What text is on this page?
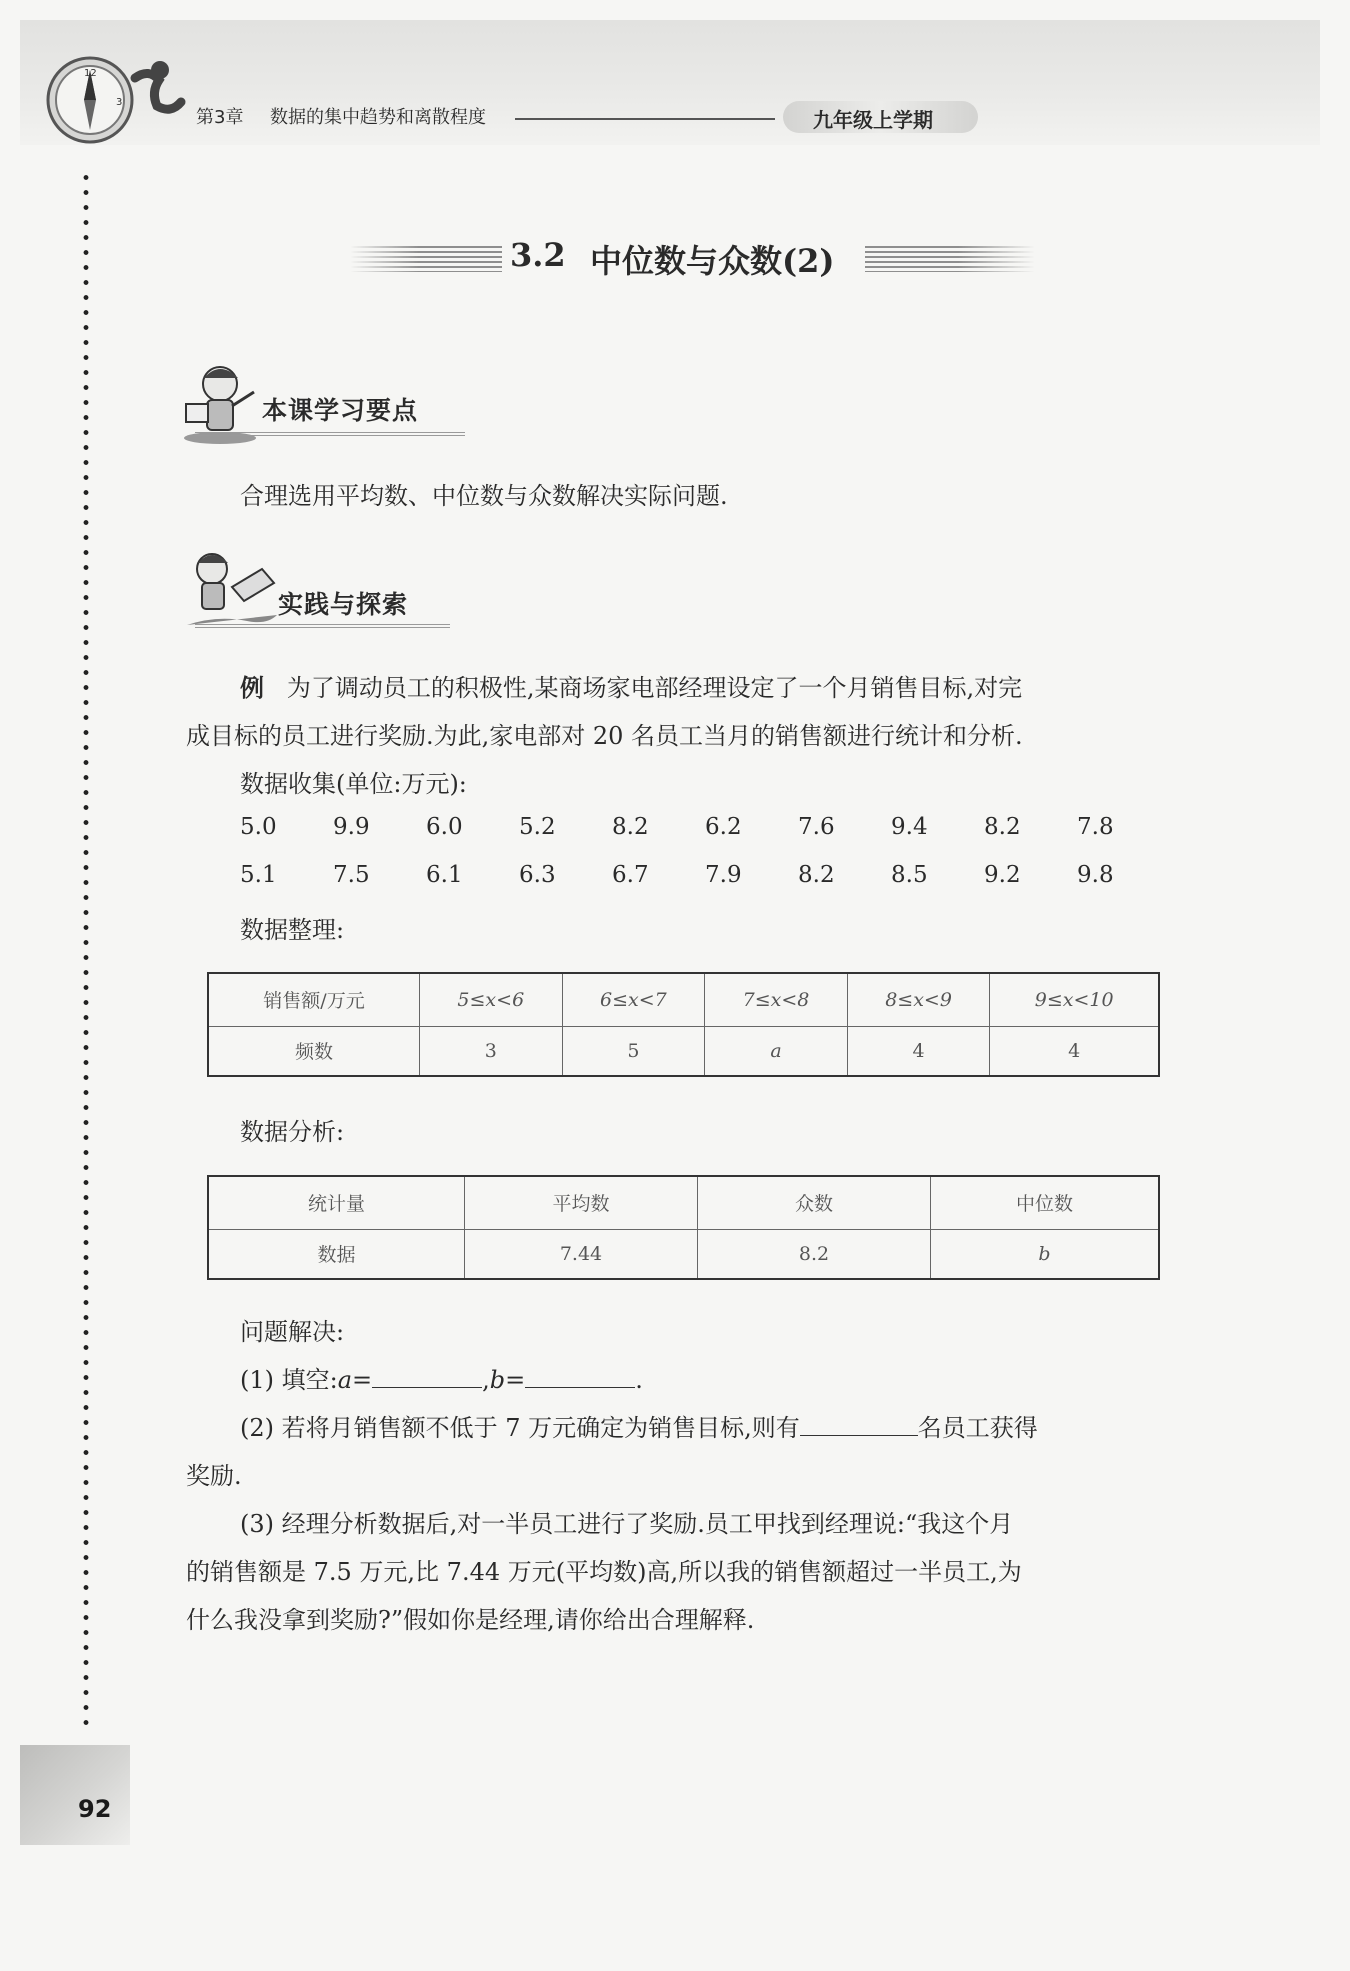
12
3
第3章 数据的集中趋势和离散程度	九年级上学期
92
3.2 中位数与众数(2)
本课学习要点
合理选用平均数、中位数与众数解决实际问题.
实践与探索
例 为了调动员工的积极性,某商场家电部经理设定了一个月销售目标,对完
成目标的员工进行奖励.为此,家电部对 20 名员工当月的销售额进行统计和分析.
数据收集(单位:万元):
5.0	9.9	6.0	5.2	8.2	6.2	7.6	9.4	8.2	7.8
5.1	7.5	6.1	6.3	6.7	7.9	8.2	8.5	9.2	9.8
数据整理:
销售额/万元	5≤x<6	6≤x<7	7≤x<8	8≤x<9	9≤x<10
频数	3	5	a	4	4
数据分析:
统计量	平均数	众数	中位数
数据	7.44	8.2	b
问题解决:
(1) 填空:a=	,b=	.
(2) 若将月销售额不低于 7 万元确定为销售目标,则有	名员工获得
奖励.
(3) 经理分析数据后,对一半员工进行了奖励.员工甲找到经理说:“我这个月
的销售额是 7.5 万元,比 7.44 万元(平均数)高,所以我的销售额超过一半员工,为
什么我没拿到奖励?”假如你是经理,请你给出合理解释.
